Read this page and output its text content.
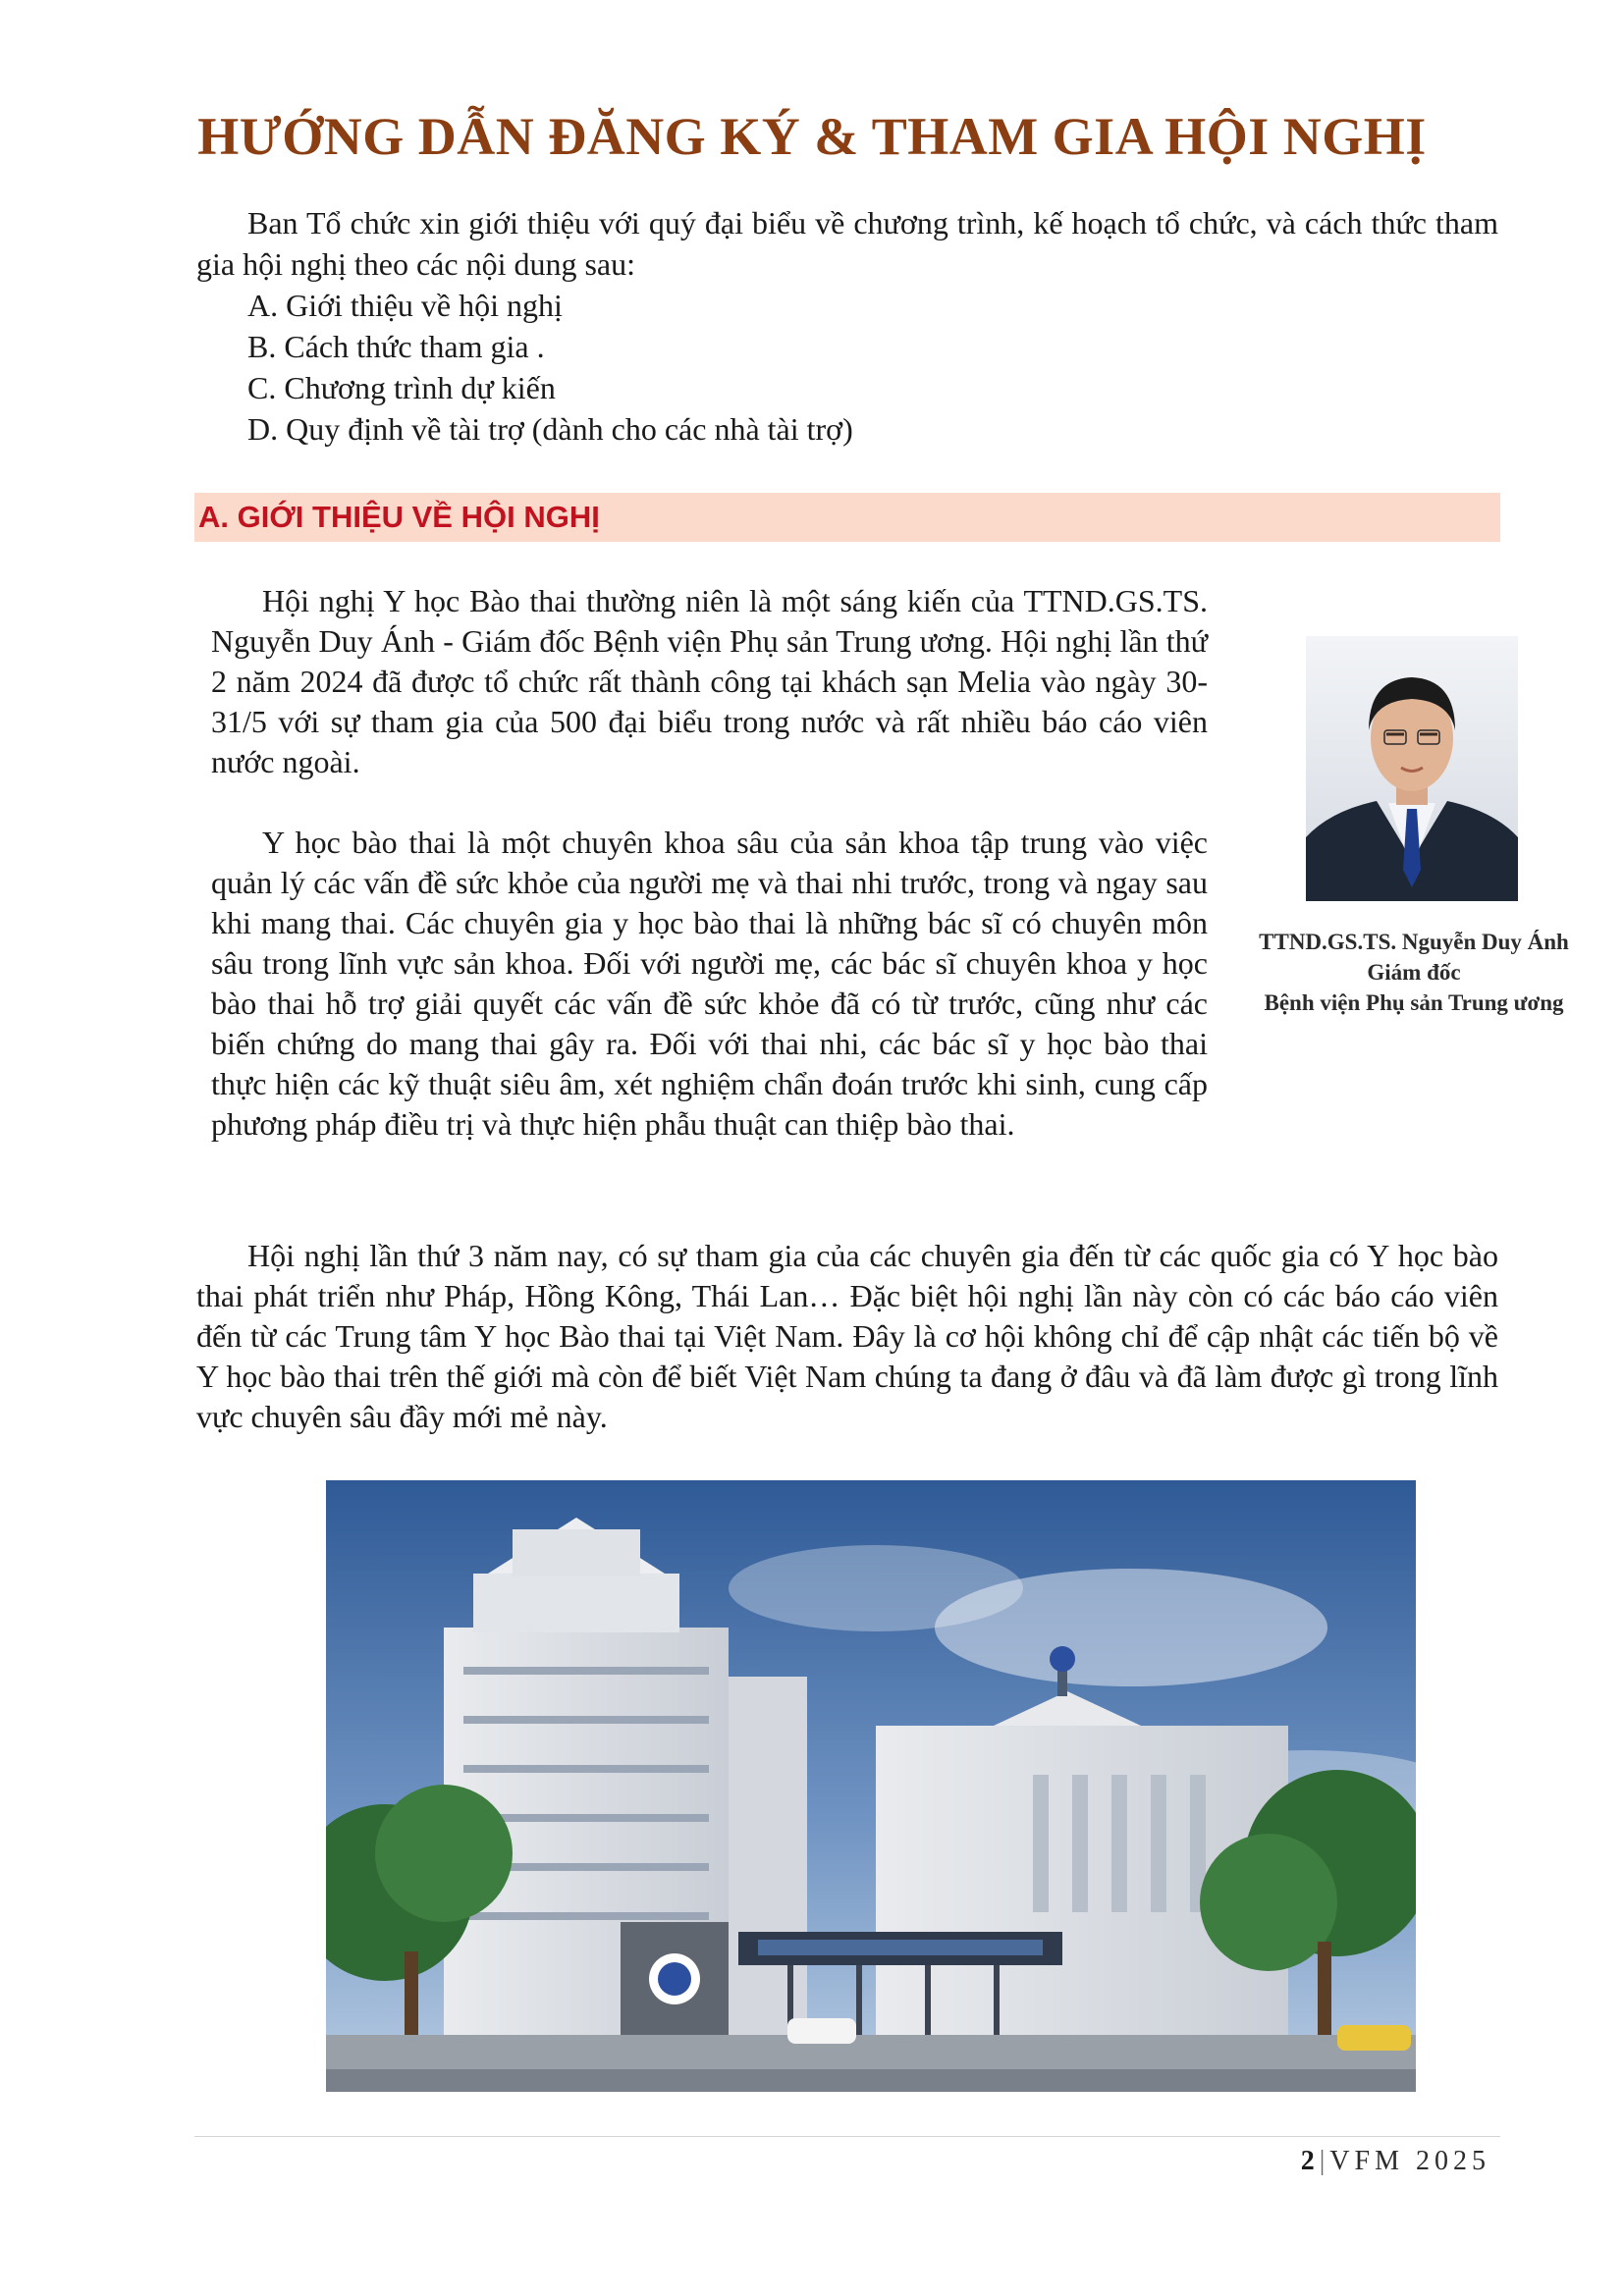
HƯỚNG DẪN ĐĂNG KÝ & THAM GIA HỘI NGHỊ

Ban Tổ chức xin giới thiệu với quý đại biểu về chương trình, kế hoạch tổ chức, và cách thức tham gia hội nghị theo các nội dung sau:

A. Giới thiệu về hội nghị
B. Cách thức tham gia .
C. Chương trình dự kiến
D. Quy định về tài trợ (dành cho các nhà tài trợ)
A. GIỚI THIỆU VỀ HỘI NGHỊ

Hội nghị Y học Bào thai thường niên là một sáng kiến của TTND.GS.TS. Nguyễn Duy Ánh - Giám đốc Bệnh viện Phụ sản Trung ương. Hội nghị lần thứ 2 năm 2024 đã được tổ chức rất thành công tại khách sạn Melia vào ngày 30-31/5 với sự tham gia của 500 đại biểu trong nước và rất nhiều báo cáo viên nước ngoài.

Y học bào thai là một chuyên khoa sâu của sản khoa tập trung vào việc quản lý các vấn đề sức khỏe của người mẹ và thai nhi trước, trong và ngay sau khi mang thai. Các chuyên gia y học bào thai là những bác sĩ có chuyên môn sâu trong lĩnh vực sản khoa. Đối với người mẹ, các bác sĩ chuyên khoa y học bào thai hỗ trợ giải quyết các vấn đề sức khỏe đã có từ trước, cũng như các biến chứng do mang thai gây ra. Đối với thai nhi, các bác sĩ y học bào thai thực hiện các kỹ thuật siêu âm, xét nghiệm chẩn đoán trước khi sinh, cung cấp phương pháp điều trị và thực hiện phẫu thuật can thiệp bào thai.

TTND.GS.TS. Nguyễn Duy Ánh
Giám đốc
Bệnh viện Phụ sản Trung ương

Hội nghị lần thứ 3 năm nay, có sự tham gia của các chuyên gia đến từ các quốc gia có Y học bào thai phát triển như Pháp, Hồng Kông, Thái Lan… Đặc biệt hội nghị lần này còn có các báo cáo viên đến từ các Trung tâm Y học Bào thai tại Việt Nam. Đây là cơ hội không chỉ để cập nhật các tiến bộ về Y học bào thai trên thế giới mà còn để biết Việt Nam chúng ta đang ở đâu và đã làm được gì trong lĩnh vực chuyên sâu đầy mới mẻ này.

2|VFM 2025
